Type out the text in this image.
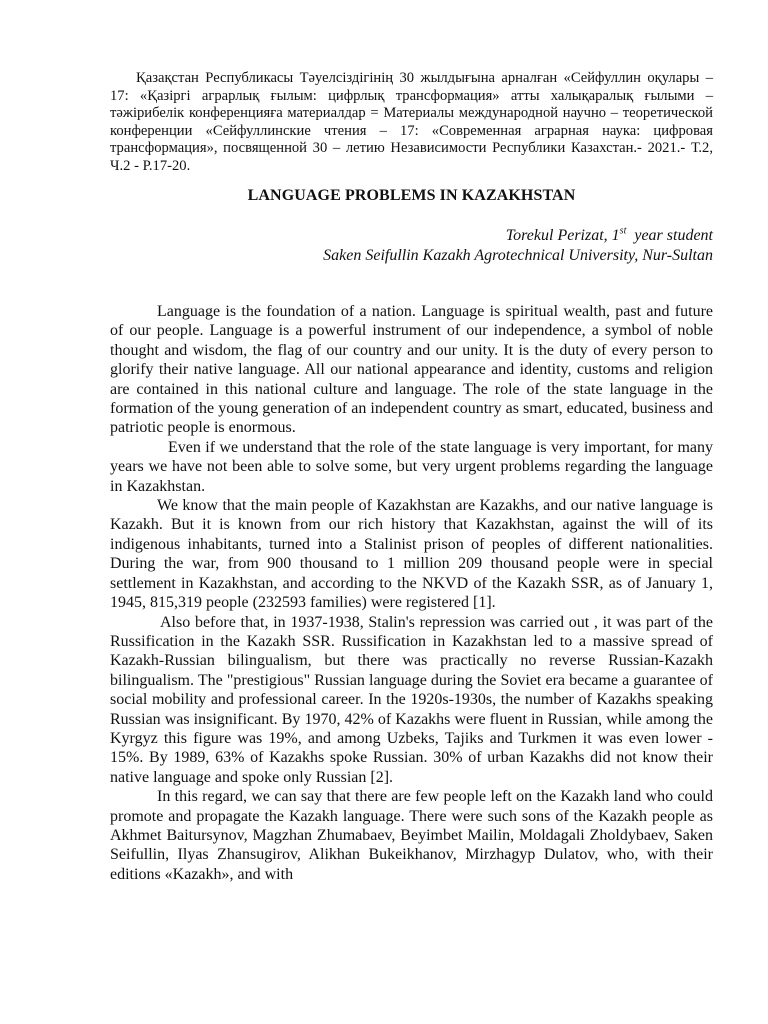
Қазақстан Республикасы Тәуелсіздігінің 30 жылдығына арналған «Сейфуллин оқулары – 17: «Қазіргі аграрлық ғылым: цифрлық трансформация» атты халықаралық ғылыми – тәжірибелік конференцияға материалдар = Материалы международной научно – теоретической конференции «Сейфуллинские чтения – 17: «Современная аграрная наука: цифровая трансформация», посвященной 30 – летию Независимости Республики Казахстан.- 2021.- Т.2, Ч.2 - Р.17-20.

LANGUAGE PROBLEMS IN KAZAKHSTAN
Torekul Perizat, 1st  year student
Saken Seifullin Kazakh Agrotechnical University, Nur-Sultan

Language is the foundation of a nation. Language is spiritual wealth, past and future of our people. Language is a powerful instrument of our independence, a symbol of noble thought and wisdom, the flag of our country and our unity. It is the duty of every person to glorify their native language. All our national appearance and identity, customs and religion are contained in this national culture and language. The role of the state language in the formation of the young generation of an independent country as smart, educated, business and patriotic people is enormous.

Even if we understand that the role of the state language is very important, for many years we have not been able to solve some, but very urgent problems regarding the language in Kazakhstan.

We know that the main people of Kazakhstan are Kazakhs, and our native language is Kazakh. But it is known from our rich history that Kazakhstan, against the will of its indigenous inhabitants, turned into a Stalinist prison of peoples of different nationalities. During the war, from 900 thousand to 1 million 209 thousand people were in special settlement in Kazakhstan, and according to the NKVD of the Kazakh SSR, as of January 1, 1945, 815,319 people (232593 families) were registered [1].

Also before that, in 1937-1938, Stalin's repression was carried out , it was part of the Russification in the Kazakh SSR. Russification in Kazakhstan led to a massive spread of Kazakh-Russian bilingualism, but there was practically no reverse Russian-Kazakh bilingualism. The "prestigious" Russian language during the Soviet era became a guarantee of social mobility and professional career. In the 1920s-1930s, the number of Kazakhs speaking Russian was insignificant. By 1970, 42% of Kazakhs were fluent in Russian, while among the Kyrgyz this figure was 19%, and among Uzbeks, Tajiks and Turkmen it was even lower - 15%. By 1989, 63% of Kazakhs spoke Russian. 30% of urban Kazakhs did not know their native language and spoke only Russian [2].

In this regard, we can say that there are few people left on the Kazakh land who could promote and propagate the Kazakh language. There were such sons of the Kazakh people as Akhmet Baitursynov, Magzhan Zhumabaev, Beyimbet Mailin, Moldagali Zholdybaev, Saken Seifullin, Ilyas Zhansugirov, Alikhan Bukeikhanov, Mirzhagyp Dulatov, who, with their editions «Kazakh», and with
